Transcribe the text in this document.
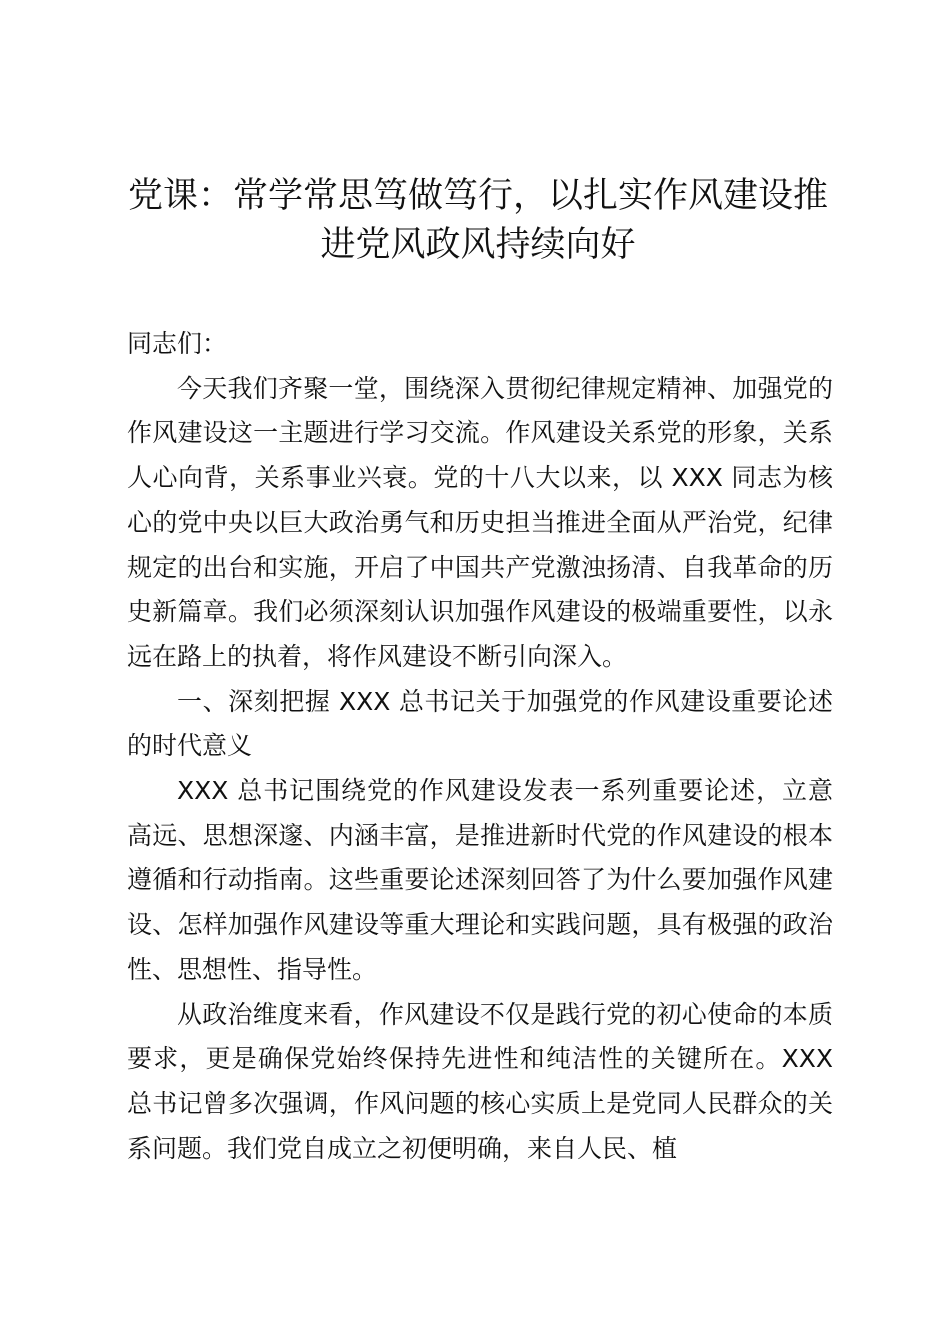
党课：常学常思笃做笃行，以扎实作风建设推
进党风政风持续向好

同志们：

今天我们齐聚一堂，围绕深入贯彻纪律规定精神、加强党的作风建设这一主题进行学习交流。作风建设关系党的形象，关系人心向背，关系事业兴衰。党的十八大以来，以 XXX 同志为核心的党中央以巨大政治勇气和历史担当推进全面从严治党，纪律规定的出台和实施，开启了中国共产党激浊扬清、自我革命的历史新篇章。我们必须深刻认识加强作风建设的极端重要性，以永远在路上的执着，将作风建设不断引向深入。

一、深刻把握 XXX 总书记关于加强党的作风建设重要论述的时代意义

XXX 总书记围绕党的作风建设发表一系列重要论述，立意高远、思想深邃、内涵丰富，是推进新时代党的作风建设的根本遵循和行动指南。这些重要论述深刻回答了为什么要加强作风建设、怎样加强作风建设等重大理论和实践问题，具有极强的政治性、思想性、指导性。

从政治维度来看，作风建设不仅是践行党的初心使命的本质要求，更是确保党始终保持先进性和纯洁性的关键所在。XXX 总书记曾多次强调，作风问题的核心实质上是党同人民群众的关系问题。我们党自成立之初便明确，来自人民、植
